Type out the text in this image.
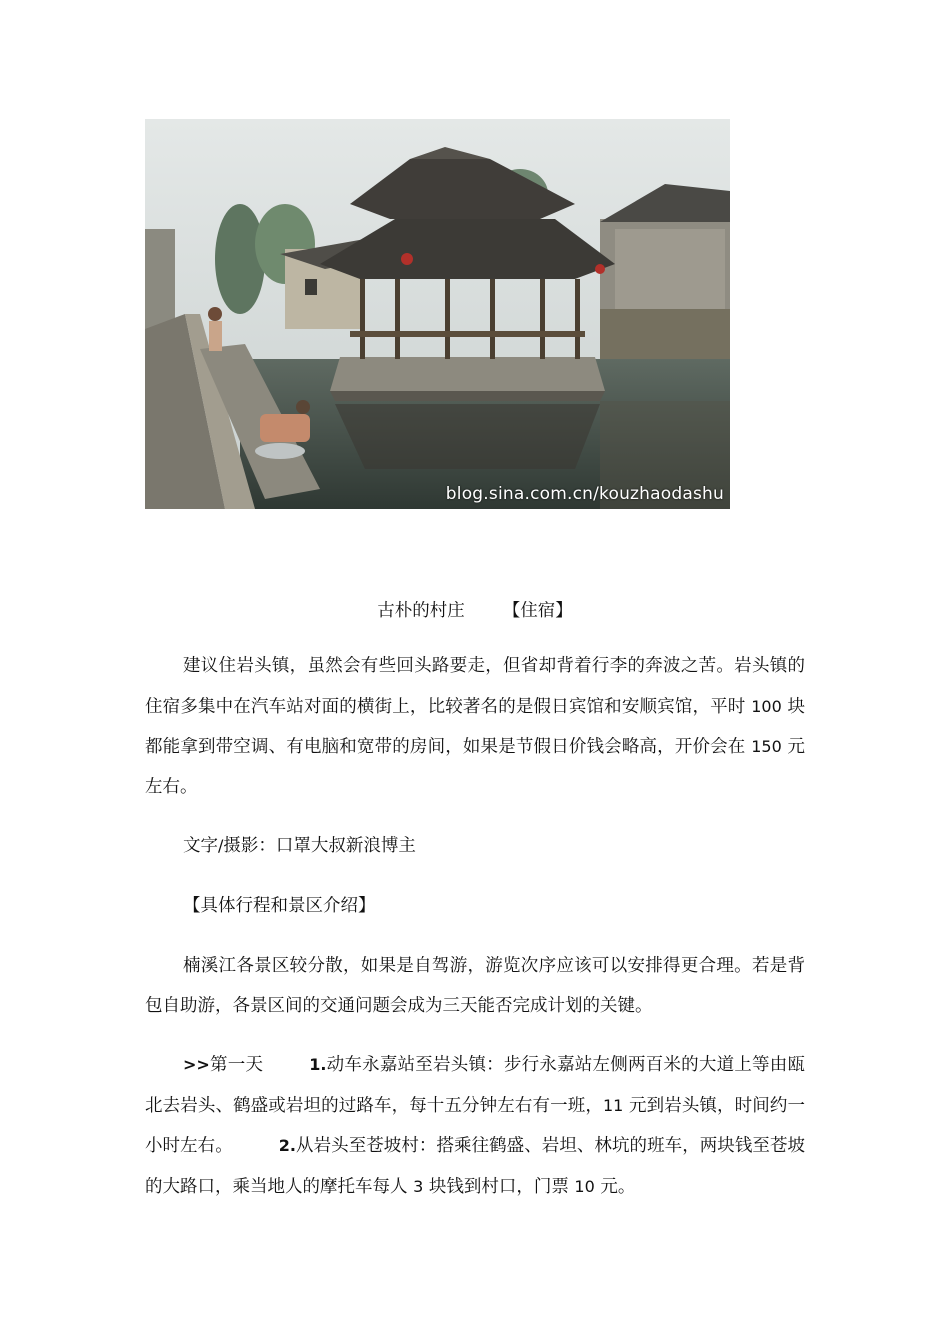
blog.sina.com.cn/kouzhaodashu
古朴的村庄 【住宿】
建议住岩头镇，虽然会有些回头路要走，但省却背着行李的奔波之苦。岩头镇的住宿多集中在汽车站对面的横街上，比较著名的是假日宾馆和安顺宾馆，平时 100 块都能拿到带空调、有电脑和宽带的房间，如果是节假日价钱会略高，开价会在 150 元左右。
文字/摄影：口罩大叔新浪博主
【具体行程和景区介绍】
楠溪江各景区较分散，如果是自驾游，游览次序应该可以安排得更合理。若是背包自助游，各景区间的交通问题会成为三天能否完成计划的关键。
>>第一天	1.动车永嘉站至岩头镇：步行永嘉站左侧两百米的大道上等由瓯北去岩头、鹤盛或岩坦的过路车，每十五分钟左右有一班，11 元到岩头镇，时间约一小时左右。	2.从岩头至苍坡村：搭乘往鹤盛、岩坦、林坑的班车，两块钱至苍坡的大路口，乘当地人的摩托车每人 3 块钱到村口，门票 10 元。
